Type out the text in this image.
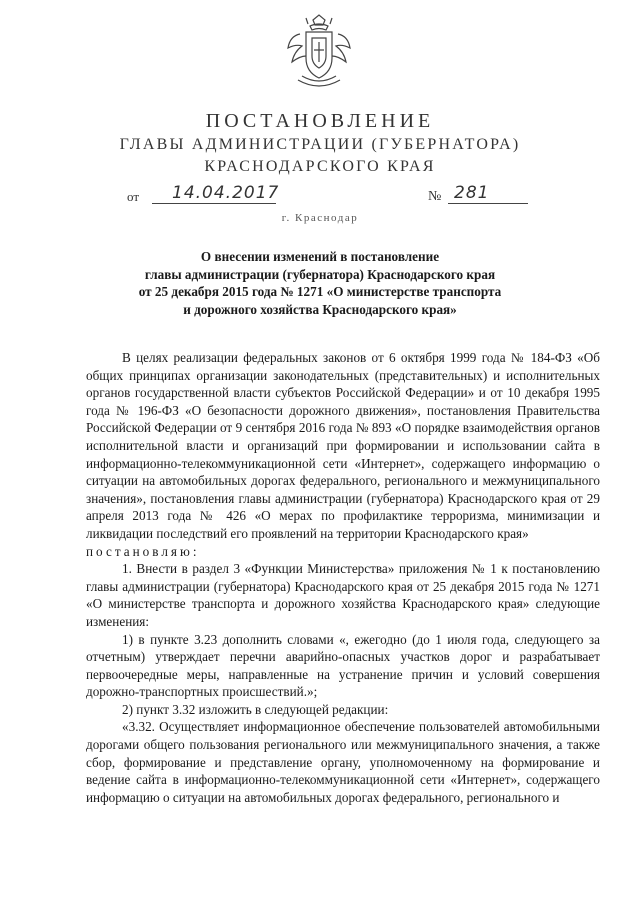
ПОСТАНОВЛЕНИЕ
ГЛАВЫ АДМИНИСТРАЦИИ (ГУБЕРНАТОРА)
КРАСНОДАРСКОГО КРАЯ
от 14.04.2017	№ 281
г. Краснодар
О внесении изменений в постановление
главы администрации (губернатора) Краснодарского края
от 25 декабря 2015 года № 1271 «О министерстве транспорта
и дорожного хозяйства Краснодарского края»

В целях реализации федеральных законов от 6 октября 1999 года № 184-ФЗ «Об общих принципах организации законодательных (представительных) и исполнительных органов государственной власти субъектов Российской Федерации» и от 10 декабря 1995 года № 196-ФЗ «О безопасности дорожного движения», постановления Правительства Российской Федерации от 9 сентября 2016 года № 893 «О порядке взаимодействия органов исполнительной власти и организаций при формировании и использовании сайта в информационно-телекоммуникационной сети «Интернет», содержащего информацию о ситуации на автомобильных дорогах федерального, регионального и межмуниципального значения», постановления главы администрации (губернатора) Краснодарского края от 29 апреля 2013 года № 426 «О мерах по профилактике терроризма, минимизации и ликвидации последствий его проявлений на территории Краснодарского края»

постановляю:

1. Внести в раздел 3 «Функции Министерства» приложения № 1 к постановлению главы администрации (губернатора) Краснодарского края от 25 декабря 2015 года № 1271 «О министерстве транспорта и дорожного хозяйства Краснодарского края» следующие изменения:

1) в пункте 3.23 дополнить словами «, ежегодно (до 1 июля года, следующего за отчетным) утверждает перечни аварийно-опасных участков дорог и разрабатывает первоочередные меры, направленные на устранение причин и условий совершения дорожно-транспортных происшествий.»;

2) пункт 3.32 изложить в следующей редакции:

«3.32. Осуществляет информационное обеспечение пользователей автомобильными дорогами общего пользования регионального или межмуниципального значения, а также сбор, формирование и представление органу, уполномоченному на формирование и ведение сайта в информационно-телекоммуникационной сети «Интернет», содержащего информацию о ситуации на автомобильных дорогах федерального, регионального и
